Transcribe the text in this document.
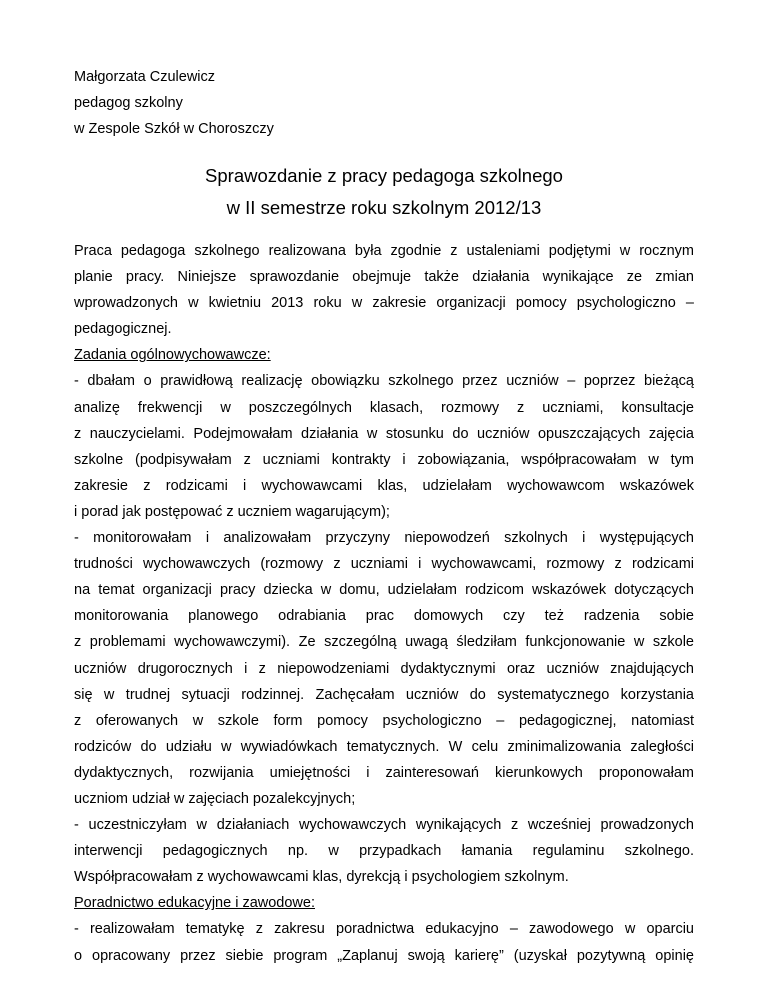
Małgorzata Czulewicz
pedagog szkolny
w Zespole Szkół w Choroszczy
Sprawozdanie z pracy pedagoga szkolnego
w II semestrze roku szkolnym 2012/13
Praca pedagoga szkolnego realizowana była zgodnie z ustaleniami podjętymi w rocznym
planie pracy. Niniejsze sprawozdanie obejmuje także działania wynikające ze zmian
wprowadzonych w kwietniu 2013 roku w zakresie organizacji pomocy psychologiczno –
pedagogicznej.
Zadania ogólnowychowawcze:
- dbałam o prawidłową realizację obowiązku szkolnego przez uczniów – poprzez bieżącą
analizę frekwencji w poszczególnych klasach, rozmowy z uczniami, konsultacje
z nauczycielami. Podejmowałam działania w stosunku do uczniów opuszczających zajęcia
szkolne (podpisywałam z uczniami kontrakty i zobowiązania, współpracowałam w tym
zakresie z rodzicami i wychowawcami klas, udzielałam wychowawcom wskazówek
i porad jak postępować z uczniem wagarującym);
- monitorowałam i analizowałam przyczyny niepowodzeń szkolnych i występujących
trudności wychowawczych (rozmowy z uczniami i wychowawcami, rozmowy z rodzicami
na temat organizacji pracy dziecka w domu, udzielałam rodzicom wskazówek dotyczących
monitorowania planowego odrabiania prac domowych czy też radzenia sobie
z problemami wychowawczymi). Ze szczególną uwagą śledziłam funkcjonowanie w szkole
uczniów drugorocznych i z niepowodzeniami dydaktycznymi oraz uczniów znajdujących
się w trudnej sytuacji rodzinnej. Zachęcałam uczniów do systematycznego korzystania
z oferowanych w szkole form pomocy psychologiczno – pedagogicznej, natomiast
rodziców do udziału w wywiadówkach tematycznych. W celu zminimalizowania zaległości
dydaktycznych, rozwijania umiejętności i zainteresowań kierunkowych proponowałam
uczniom udział w zajęciach pozalekcyjnych;
- uczestniczyłam w działaniach wychowawczych wynikających z wcześniej prowadzonych
interwencji pedagogicznych np. w przypadkach łamania regulaminu szkolnego.
Współpracowałam z wychowawcami klas, dyrekcją i psychologiem szkolnym.
Poradnictwo edukacyjne i zawodowe:
- realizowałam tematykę z zakresu poradnictwa edukacyjno – zawodowego w oparciu
o opracowany przez siebie program „Zaplanuj swoją karierę” (uzyskał pozytywną opinię
